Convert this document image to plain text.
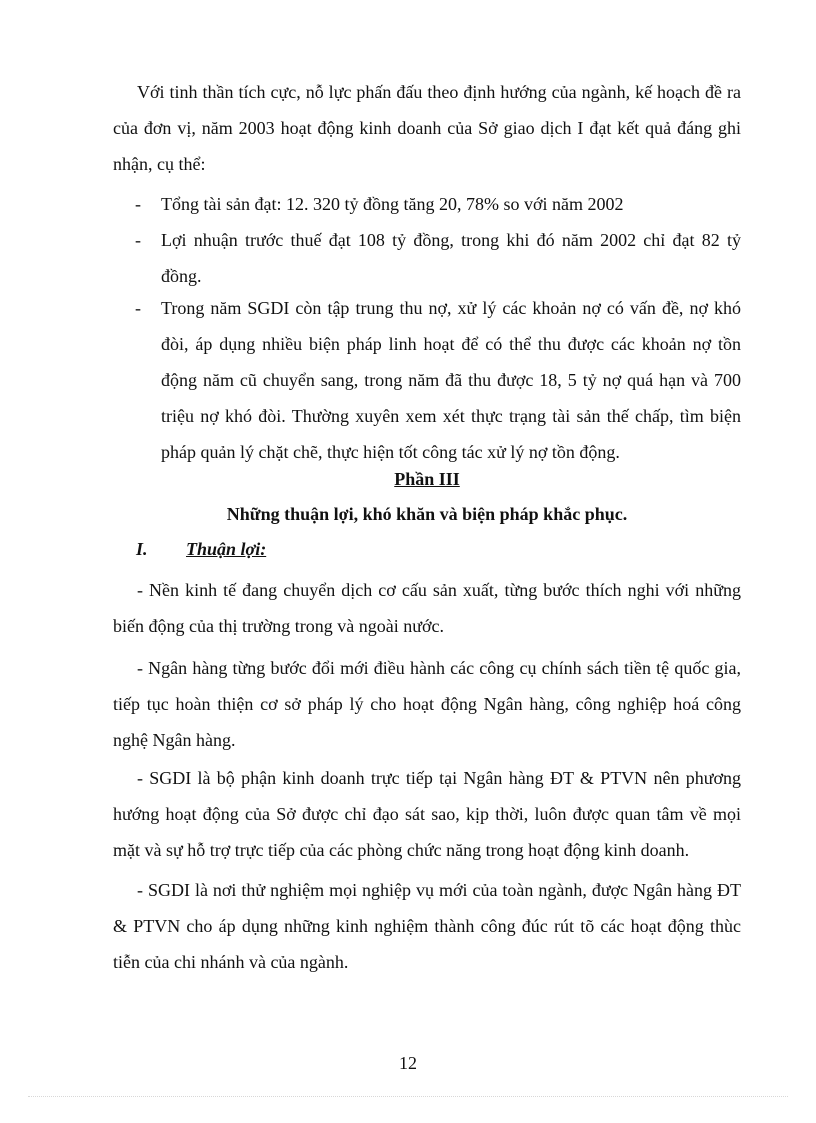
Với tinh thần tích cực, nỗ lực phấn đấu theo định hướng của ngành, kế hoạch đề ra của đơn vị, năm 2003 hoạt động kinh doanh của Sở giao dịch I đạt kết quả đáng ghi nhận, cụ thể:

-	Tổng tài sản đạt: 12. 320 tỷ đồng tăng 20, 78% so với năm 2002

-	Lợi nhuận trước thuế đạt 108 tỷ đồng, trong khi đó năm 2002 chỉ đạt 82 tỷ đồng.

-	Trong năm SGDI còn tập trung thu nợ, xử lý các khoản nợ có vấn đề, nợ khó đòi, áp dụng nhiều biện pháp linh hoạt để có thể thu được các khoản nợ tồn động năm cũ chuyển sang, trong năm đã thu được 18, 5 tỷ nợ quá hạn và 700 triệu nợ khó đòi. Thường xuyên xem xét thực trạng tài sản thế chấp, tìm biện pháp quản lý chặt chẽ, thực hiện tốt công tác xử lý nợ tồn động.

Phần III
Những thuận lợi, khó khăn và biện pháp khắc phục.
I. Thuận lợi:

- Nền kinh tế đang chuyển dịch cơ cấu sản xuất, từng bước thích nghi với những biến động của thị trường trong và ngoài nước.

- Ngân hàng từng bước đổi mới điều hành các công cụ chính sách tiền tệ quốc gia, tiếp tục hoàn thiện cơ sở pháp lý cho hoạt động Ngân hàng, công nghiệp hoá công nghệ Ngân hàng.

- SGDI là bộ phận kinh doanh trực tiếp tại Ngân hàng ĐT & PTVN nên phương hướng hoạt động của Sở được chỉ đạo sát sao, kịp thời, luôn được quan tâm về mọi mặt và sự hỗ trợ trực tiếp của các phòng chức năng trong hoạt động kinh doanh.

- SGDI là nơi thử nghiệm mọi nghiệp vụ mới của toàn ngành, được Ngân hàng ĐT & PTVN cho áp dụng những kinh nghiệm thành công đúc rút tõ các hoạt động thùc tiễn của chi nhánh và của ngành.

12
